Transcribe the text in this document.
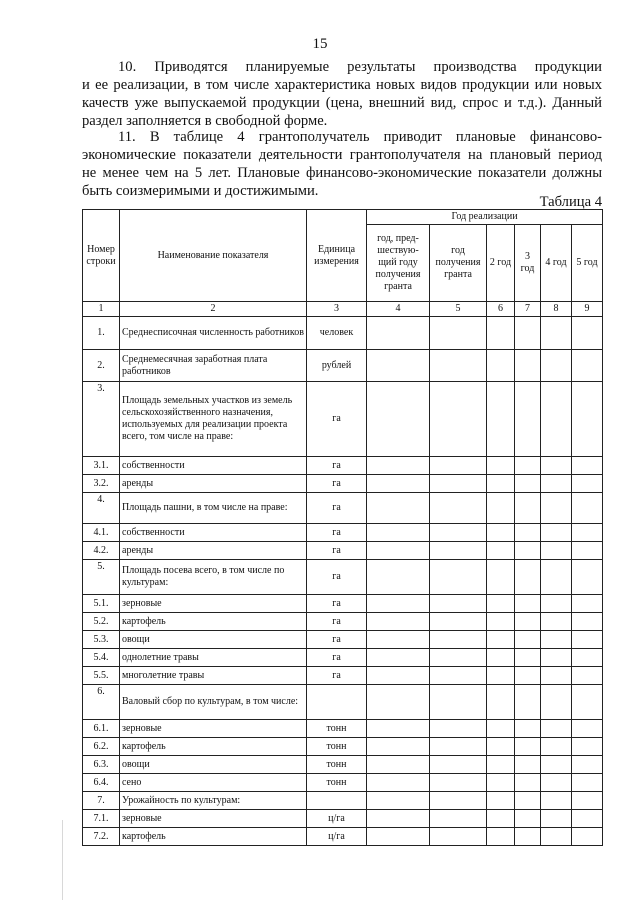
15

10. Приводятся планируемые результаты производства продукции
и ее реализации, в том числе характеристика новых видов продукции или новых
качеств уже выпускаемой продукции (цена, внешний вид, спрос и т.д.). Данный
раздел заполняется в свободной форме.

11. В таблице 4 грантополучатель приводит плановые финансово-
экономические показатели деятельности грантополучателя на плановый период
не менее чем на 5 лет. Плановые финансово-экономические показатели должны
быть соизмеримыми и достижимыми.

Таблица 4
Номер строки	Наименование показателя	Единица измерения	Год реализации					
			год, пред-шествую-щий году получения гранта	год получения гранта	2 год	3 год	4 год	5 год
1	2	3	4	5	6	7	8	9
1.	Среднесписочная численность работников	человек						
2.	Среднемесячная заработная плата работников	рублей						
3.	Площадь земельных участков из земель сельскохозяйственного назначения, используемых для реализации проекта всего, том числе на праве:	га						
3.1.	собственности	га						
3.2.	аренды	га						
4.	Площадь пашни, в том числе на праве:	га						
4.1.	собственности	га						
4.2.	аренды	га						
5.	Площадь посева всего, в том числе по культурам:	га						
5.1.	зерновые	га						
5.2.	картофель	га						
5.3.	овощи	га						
5.4.	однолетние травы	га						
5.5.	многолетние травы	га						
6.	Валовый сбор по культурам, в том числе:							
6.1.	зерновые	тонн						
6.2.	картофель	тонн						
6.3.	овощи	тонн						
6.4.	сено	тонн						
7.	Урожайность по культурам:							
7.1.	зерновые	ц/га						
7.2.	картофель	ц/га						
